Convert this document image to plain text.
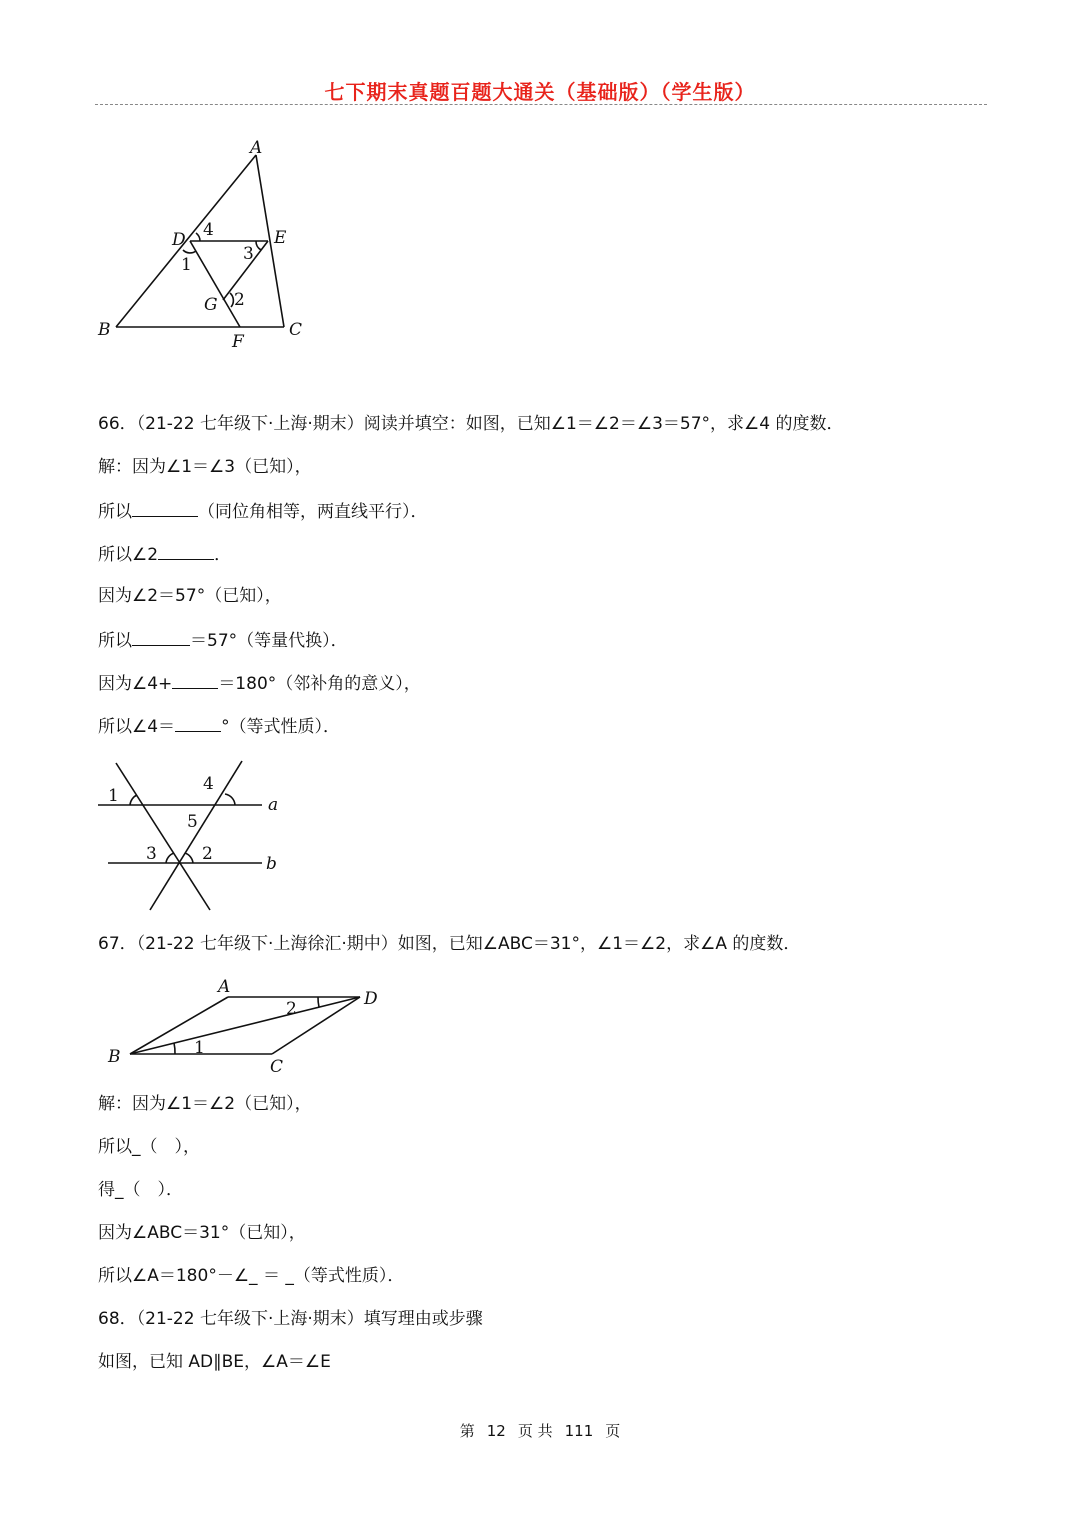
七下期末真题百题大通关（基础版）（学生版）
A
D 4	E
1
3
G 2
B
F
C
66．（21-22 七年级下·上海·期末）阅读并填空：如图，已知∠1＝∠2＝∠3＝57°，求∠4 的度数．
解：因为∠1＝∠3（已知），
所以	（同位角相等，两直线平行）．
所以∠2	．
因为∠2＝57°（已知），
所以	＝57°（等量代换）．
因为∠4+	＝180°（邻补角的意义），
所以∠4＝	°（等式性质）．
1
4
a
5
3	2	b
67．（21-22 七年级下·上海徐汇·期中）如图，已知∠ABC＝31°，∠1＝∠2，求∠A 的度数．
A
2	D
B	1
C
解：因为∠1＝∠2（已知），
所以_（　），
得_（　）．
因为∠ABC＝31°（已知），
所以∠A＝180°－∠_ ＝ _（等式性质）．
68．（21-22 七年级下·上海·期末）填写理由或步骤
如图，已知 AD∥BE，∠A＝∠E
第 12 页 共 111 页
